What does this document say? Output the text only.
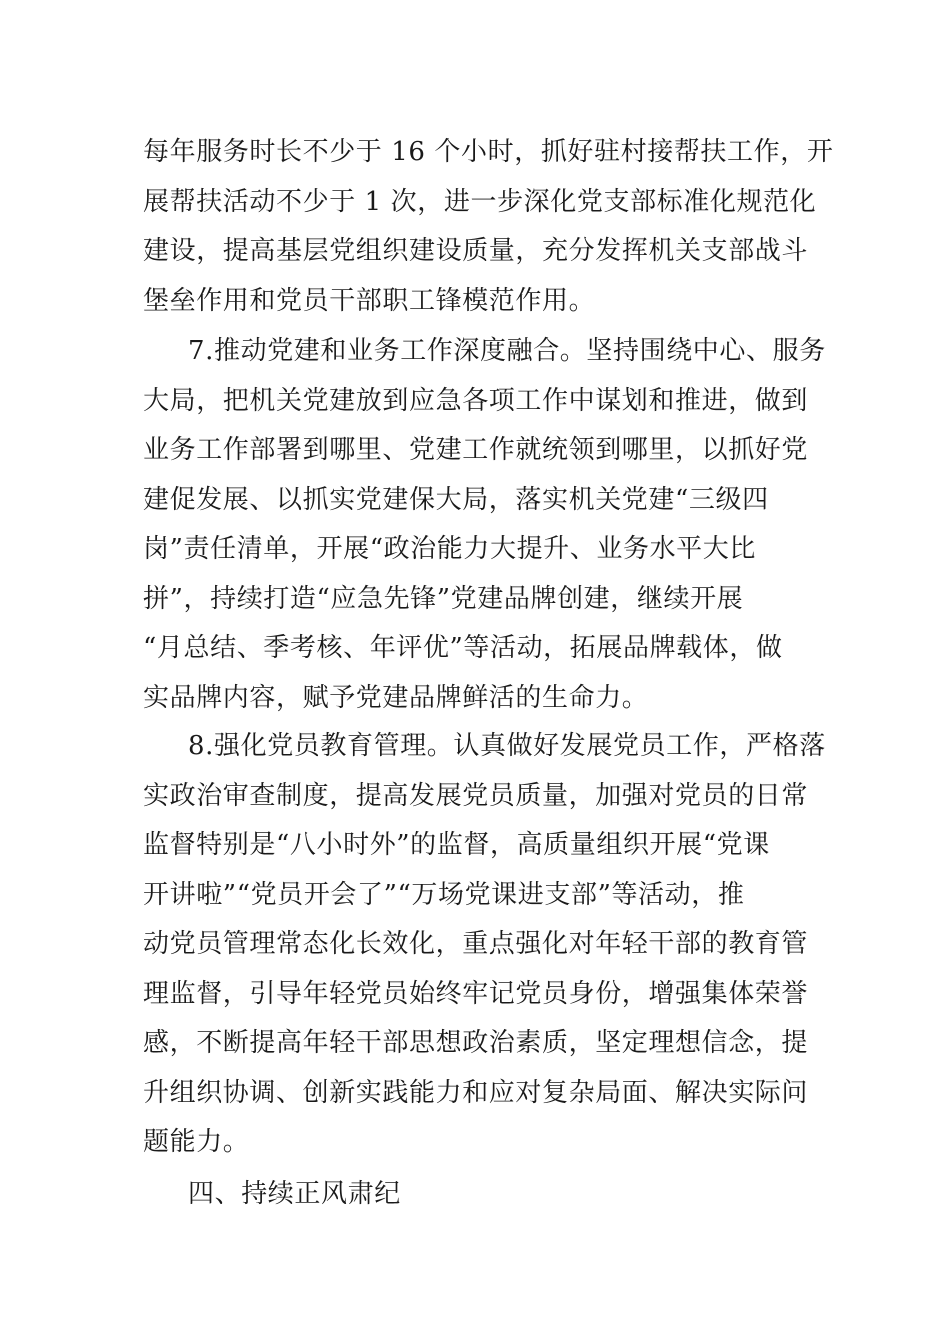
每年服务时长不少于 16 个小时，抓好驻村接帮扶工作，开
展帮扶活动不少于 1 次，进一步深化党支部标准化规范化
建设，提高基层党组织建设质量，充分发挥机关支部战斗
堡垒作用和党员干部职工锋模范作用。
7.推动党建和业务工作深度融合。坚持围绕中心、服务
大局，把机关党建放到应急各项工作中谋划和推进，做到
业务工作部署到哪里、党建工作就统领到哪里，以抓好党
建促发展、以抓实党建保大局，落实机关党建“三级四
岗”责任清单，开展“政治能力大提升、业务水平大比
拼”，持续打造“应急先锋”党建品牌创建，继续开展
“月总结、季考核、年评优”等活动，拓展品牌载体，做
实品牌内容，赋予党建品牌鲜活的生命力。
8.强化党员教育管理。认真做好发展党员工作，严格落
实政治审查制度，提高发展党员质量，加强对党员的日常
监督特别是“八小时外”的监督，高质量组织开展“党课
开讲啦”“党员开会了”“万场党课进支部”等活动，推
动党员管理常态化长效化，重点强化对年轻干部的教育管
理监督，引导年轻党员始终牢记党员身份，增强集体荣誉
感，不断提高年轻干部思想政治素质，坚定理想信念，提
升组织协调、创新实践能力和应对复杂局面、解决实际问
题能力。
四、持续正风肃纪
